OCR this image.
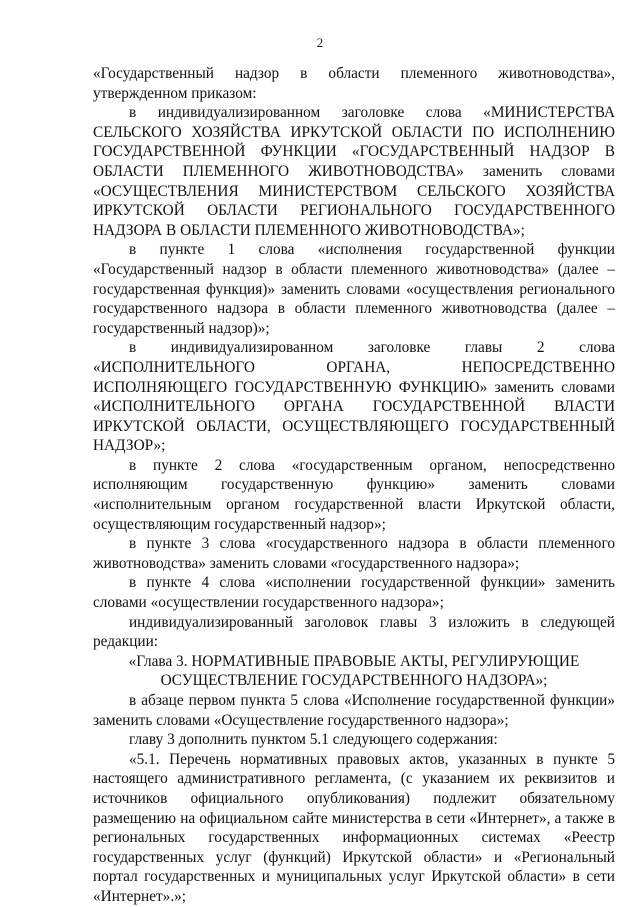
2

«Государственный надзор в области племенного животноводства», утвержденном приказом:

в индивидуализированном заголовке слова «МИНИСТЕРСТВА СЕЛЬСКОГО ХОЗЯЙСТВА ИРКУТСКОЙ ОБЛАСТИ ПО ИСПОЛНЕНИЮ ГОСУДАРСТВЕННОЙ ФУНКЦИИ «ГОСУДАРСТВЕННЫЙ НАДЗОР В ОБЛАСТИ ПЛЕМЕННОГО ЖИВОТНОВОДСТВА» заменить словами «ОСУЩЕСТВЛЕНИЯ МИНИСТЕРСТВОМ СЕЛЬСКОГО ХОЗЯЙСТВА ИРКУТСКОЙ ОБЛАСТИ РЕГИОНАЛЬНОГО ГОСУДАРСТВЕННОГО НАДЗОРА В ОБЛАСТИ ПЛЕМЕННОГО ЖИВОТНОВОДСТВА»;

в пункте 1 слова «исполнения государственной функции «Государственный надзор в области племенного животноводства» (далее – государственная функция)» заменить словами «осуществления регионального государственного надзора в области племенного животноводства (далее – государственный надзор)»;

в индивидуализированном заголовке главы 2 слова «ИСПОЛНИТЕЛЬНОГО ОРГАНА, НЕПОСРЕДСТВЕННО ИСПОЛНЯЮЩЕГО ГОСУДАРСТВЕННУЮ ФУНКЦИЮ» заменить словами «ИСПОЛНИТЕЛЬНОГО ОРГАНА ГОСУДАРСТВЕННОЙ ВЛАСТИ ИРКУТСКОЙ ОБЛАСТИ, ОСУЩЕСТВЛЯЮЩЕГО ГОСУДАРСТВЕННЫЙ НАДЗОР»;

в пункте 2 слова «государственным органом, непосредственно исполняющим государственную функцию» заменить словами «исполнительным органом государственной власти Иркутской области, осуществляющим государственный надзор»;

в пункте 3 слова «государственного надзора в области племенного животноводства» заменить словами «государственного надзора»;

в пункте 4 слова «исполнении государственной функции» заменить словами «осуществлении государственного надзора»;

индивидуализированный заголовок главы 3 изложить в следующей редакции:

«Глава 3. НОРМАТИВНЫЕ ПРАВОВЫЕ АКТЫ, РЕГУЛИРУЮЩИЕ ОСУЩЕСТВЛЕНИЕ ГОСУДАРСТВЕННОГО НАДЗОРА»;

в абзаце первом пункта 5 слова «Исполнение государственной функции» заменить словами «Осуществление государственного надзора»;

главу 3 дополнить пунктом 5.1 следующего содержания:

«5.1. Перечень нормативных правовых актов, указанных в пункте 5 настоящего административного регламента, (с указанием их реквизитов и источников официального опубликования) подлежит обязательному размещению на официальном сайте министерства в сети «Интернет», а также в региональных государственных информационных системах «Реестр государственных услуг (функций) Иркутской области» и «Региональный портал государственных и муниципальных услуг Иркутской области» в сети «Интернет».»;
